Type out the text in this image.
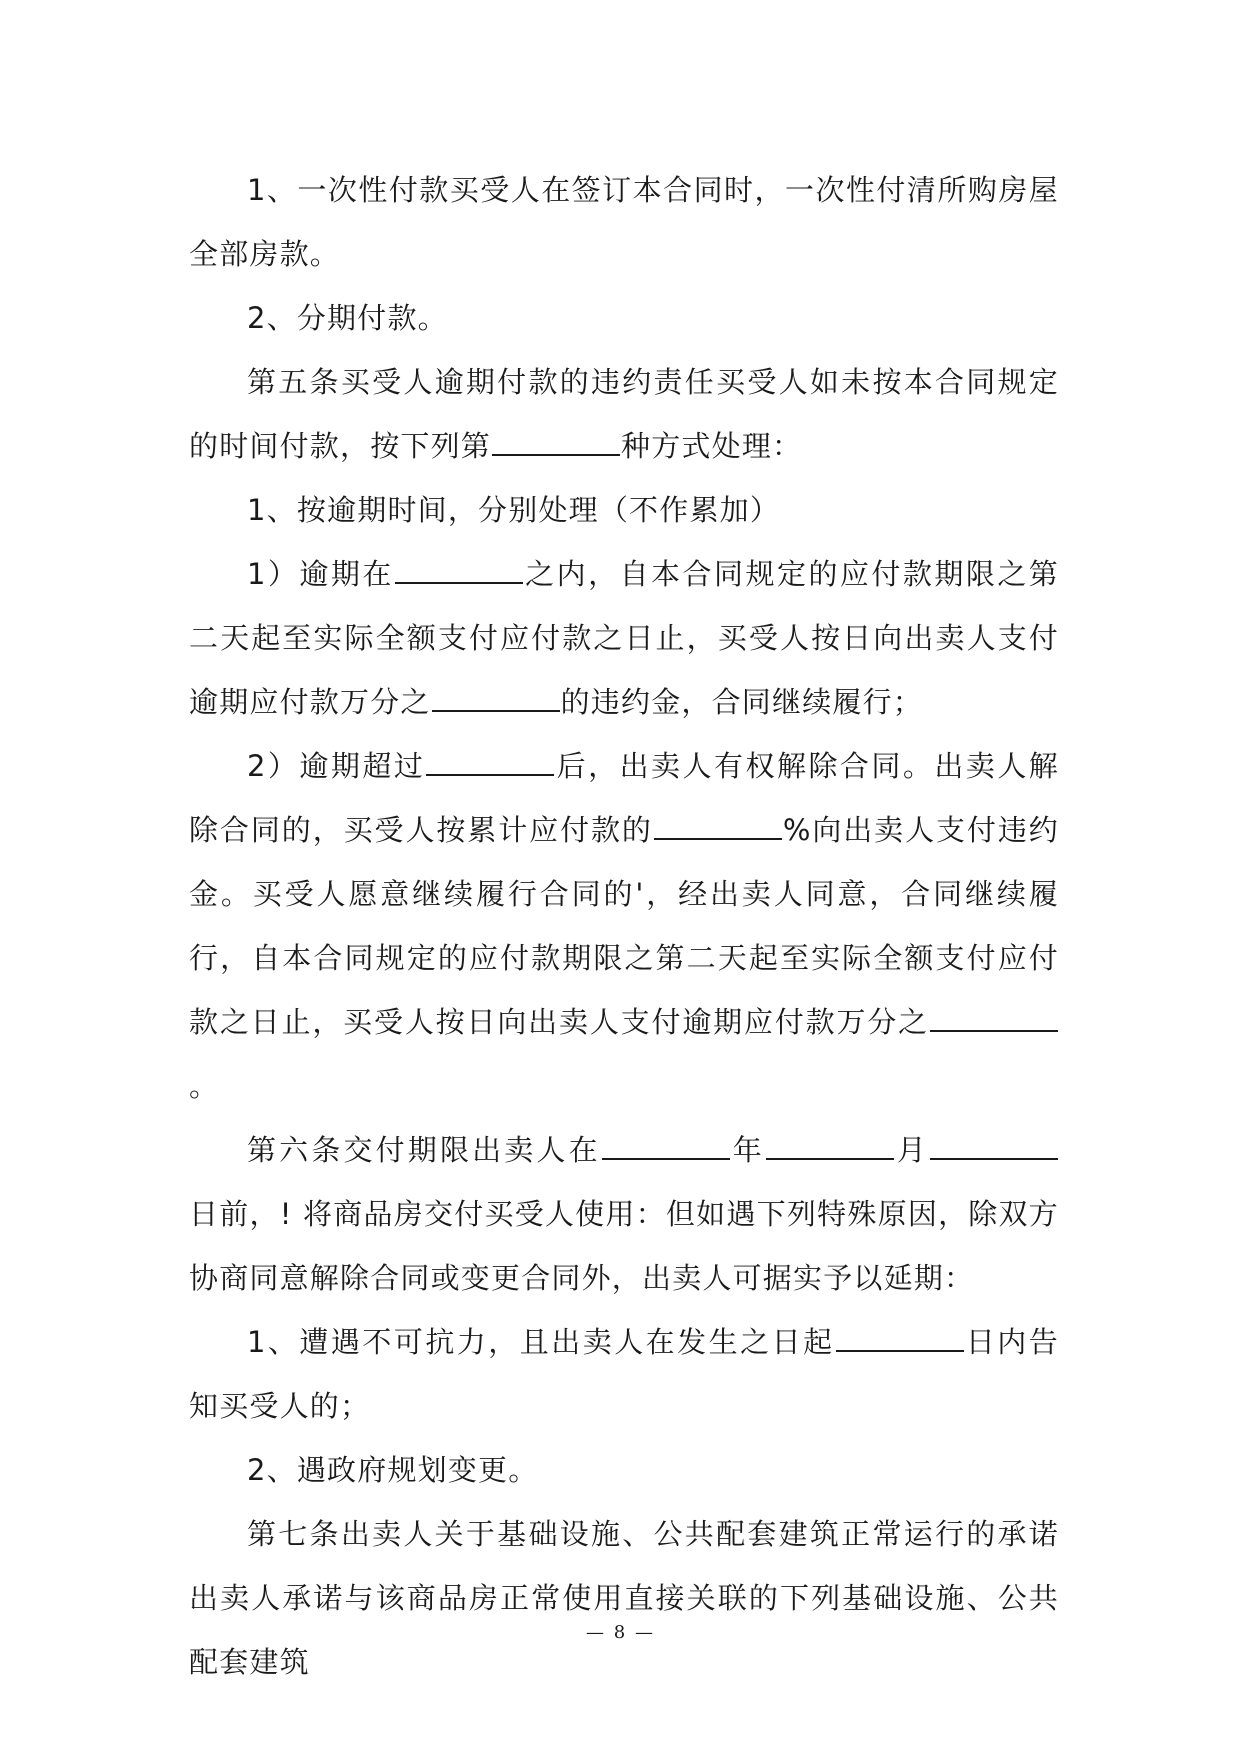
1、一次性付款买受人在签订本合同时，一次性付清所购房屋全部房款。

2、分期付款。

第五条买受人逾期付款的违约责任买受人如未按本合同规定的时间付款，按下列第	种方式处理：

1、按逾期时间，分别处理（不作累加）

1）逾期在	之内，自本合同规定的应付款期限之第二天起至实际全额支付应付款之日止，买受人按日向出卖人支付逾期应付款万分之	的违约金，合同继续履行；

2）逾期超过	后，出卖人有权解除合同。出卖人解除合同的，买受人按累计应付款的	%向出卖人支付违约金。买受人愿意继续履行合同的'，经出卖人同意，合同继续履行，自本合同规定的应付款期限之第二天起至实际全额支付应付款之日止，买受人按日向出卖人支付逾期应付款万分之。

第六条交付期限出卖人在	年	月日前，! 将商品房交付买受人使用：但如遇下列特殊原因，除双方协商同意解除合同或变更合同外，出卖人可据实予以延期：

1、遭遇不可抗力，且出卖人在发生之日起	日内告知买受人的；

2、遇政府规划变更。

第七条出卖人关于基础设施、公共配套建筑正常运行的承诺出卖人承诺与该商品房正常使用直接关联的下列基础设施、公共配套建筑

— 8 —
